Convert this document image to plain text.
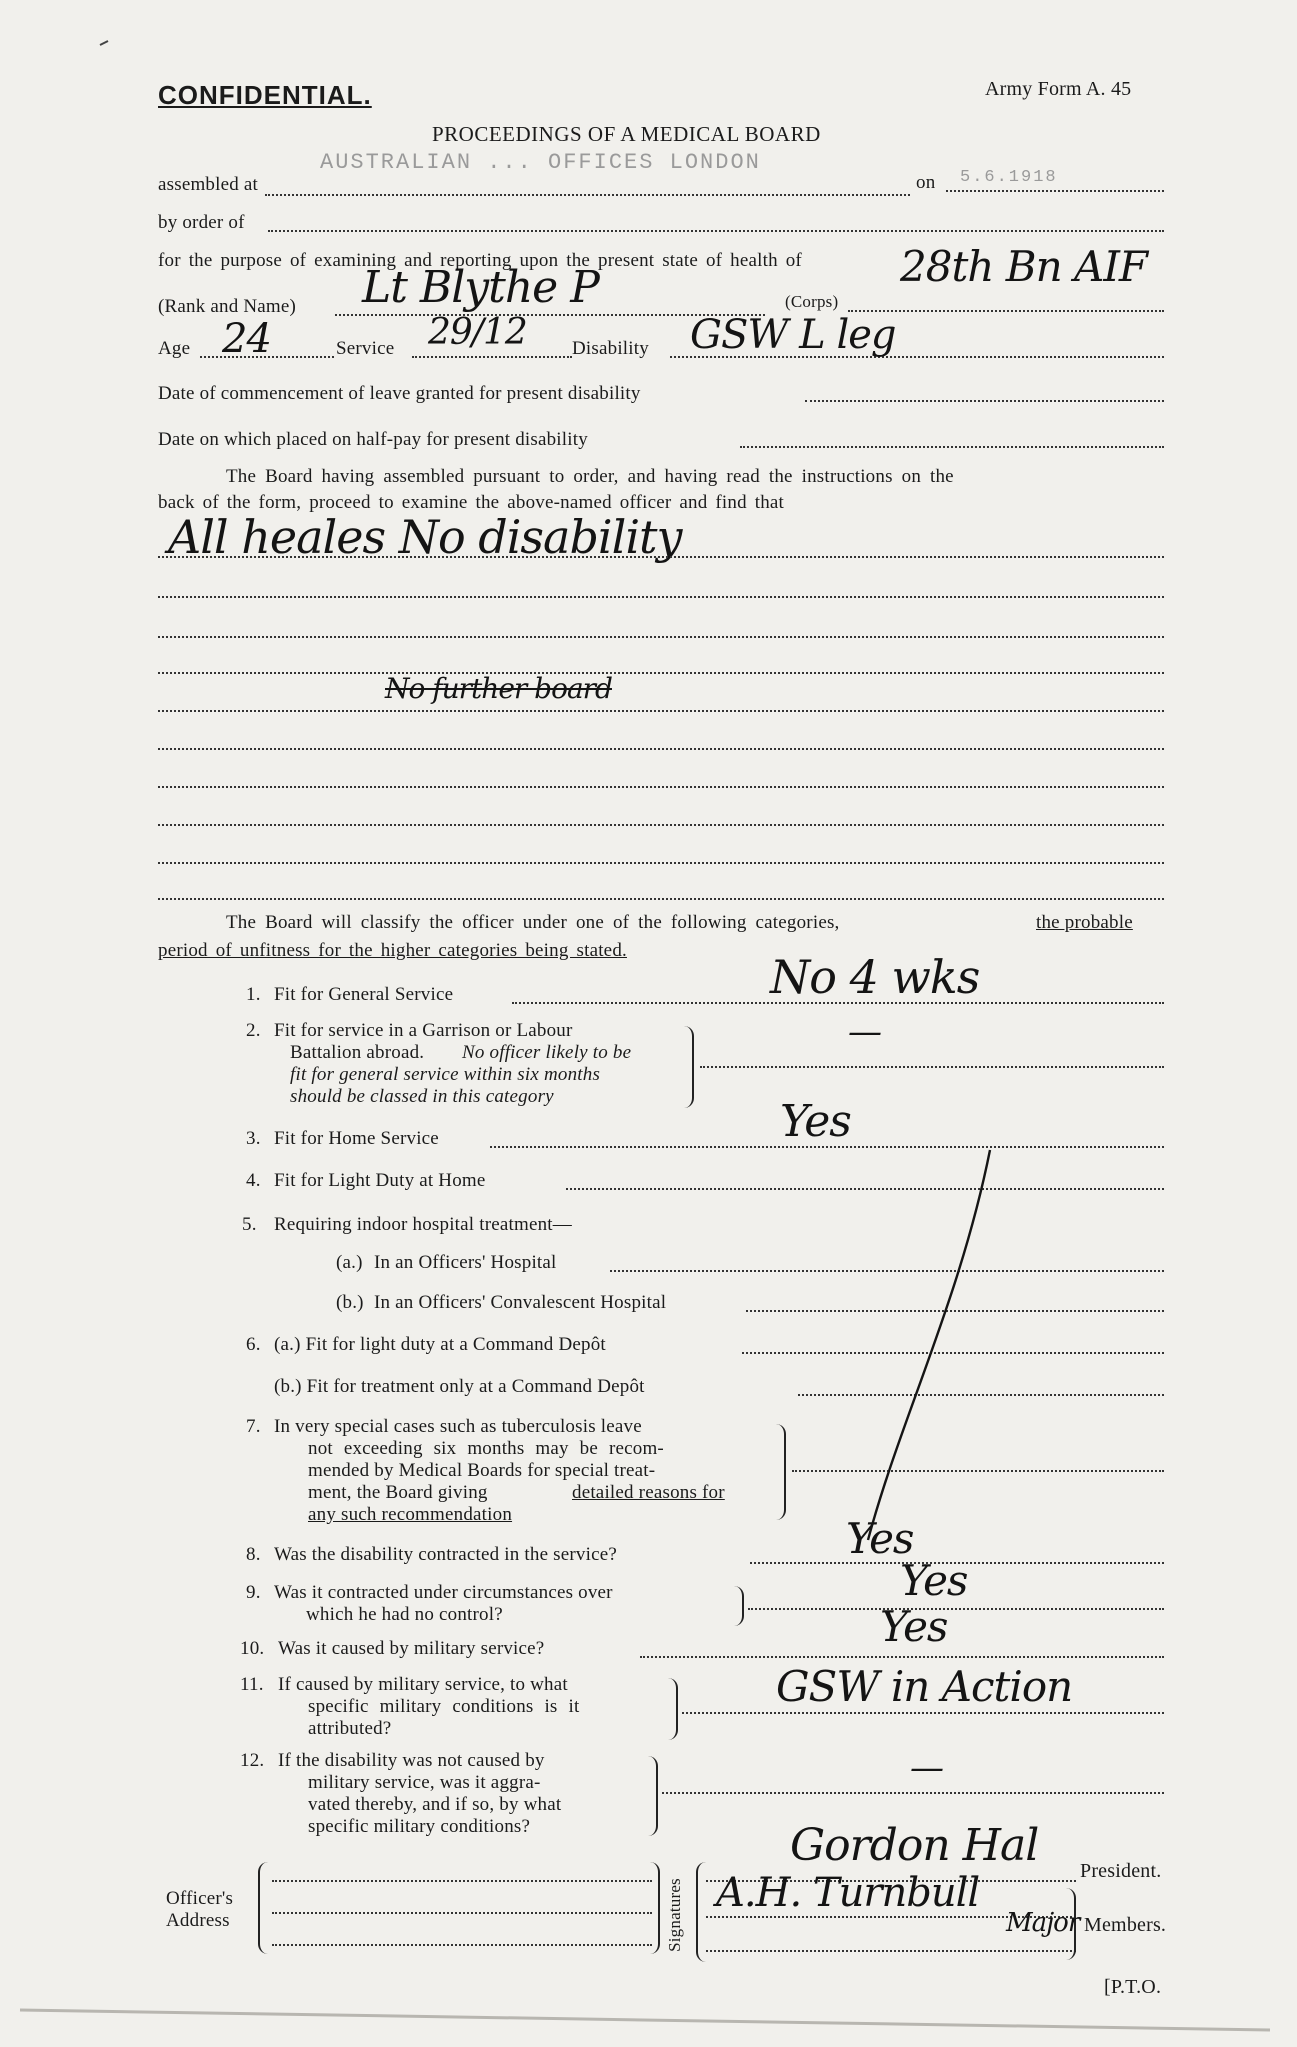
CONFIDENTIAL.	Army Form A. 45
PROCEEDINGS OF A MEDICAL BOARD
assembled at
AUSTRALIAN ... OFFICES LONDON
on 5.6.1918
by order of
for the purpose of examining and reporting upon the present state of health of
(Rank and Name) Lt Blythe P	(Corps)
28th Bn AIF
Age 24	Service 29/12 Disability GSW L leg
Date of commencement of leave granted for present disability
Date on which placed on half-pay for present disability
The Board having assembled pursuant to order, and having read the instructions on the
back of the form, proceed to examine the above-named officer and find that
All heales No disability
No further board
The Board will classify the officer under one of the following categories,	the probable
period of unfitness for the higher categories being stated.
1. Fit for General Service	No 4 wks
2. Fit for service in a Garrison or Labour
Battalion abroad. No officer likely to be
fit for general service within six months
should be classed in this category
—
3. Fit for Home Service	Yes
4. Fit for Light Duty at Home
5. Requiring indoor hospital treatment—
(a.) In an Officers' Hospital
(b.) In an Officers' Convalescent Hospital
6. (a.) Fit for light duty at a Command Depôt
(b.) Fit for treatment only at a Command Depôt
7. In very special cases such as tuberculosis leave
not exceeding six months may be recom-
mended by Medical Boards for special treat-
ment, the Board giving	detailed reasons for
any such recommendation
8. Was the disability contracted in the service?	Yes
9. Was it contracted under circumstances over
which he had no control?
Yes
10. Was it caused by military service?	Yes
11. If caused by military service, to what
specific military conditions is it
attributed?
GSW in Action
12. If the disability was not caused by
military service, was it aggra-
vated thereby, and if so, by what
specific military conditions?
—
Officer's
Address	Signatures
President.
Gordon Hal
Members.
A.H. Turnbull
Major
[P.T.O.
